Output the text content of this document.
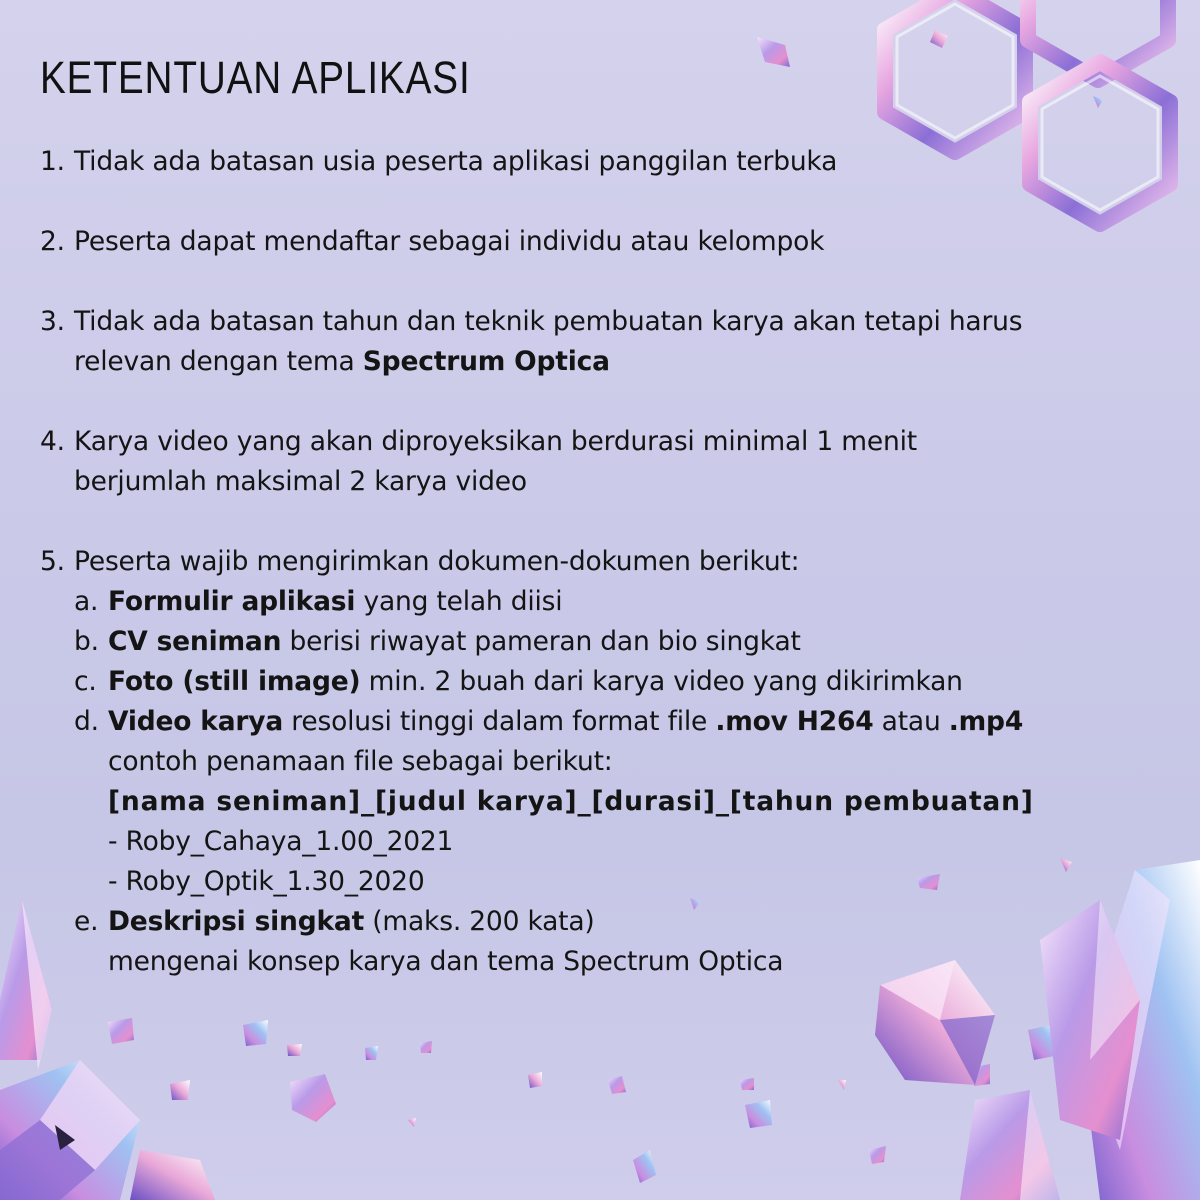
KETENTUAN APLIKASI
1. Tidak ada batasan usia peserta aplikasi panggilan terbuka
2. Peserta dapat mendaftar sebagai individu atau kelompok
3. Tidak ada batasan tahun dan teknik pembuatan karya akan tetapi harus
relevan dengan tema Spectrum Optica
4. Karya video yang akan diproyeksikan berdurasi minimal 1 menit
berjumlah maksimal 2 karya video
5. Peserta wajib mengirimkan dokumen-dokumen berikut:
a. Formulir aplikasi yang telah diisi
b. CV seniman berisi riwayat pameran dan bio singkat
c. Foto (still image) min. 2 buah dari karya video yang dikirimkan
d. Video karya resolusi tinggi dalam format file .mov H264 atau .mp4
contoh penamaan file sebagai berikut:
[nama seniman]_[judul karya]_[durasi]_[tahun pembuatan]
- Roby_Cahaya_1.00_2021
- Roby_Optik_1.30_2020
e. Deskripsi singkat (maks. 200 kata)
mengenai konsep karya dan tema Spectrum Optica
